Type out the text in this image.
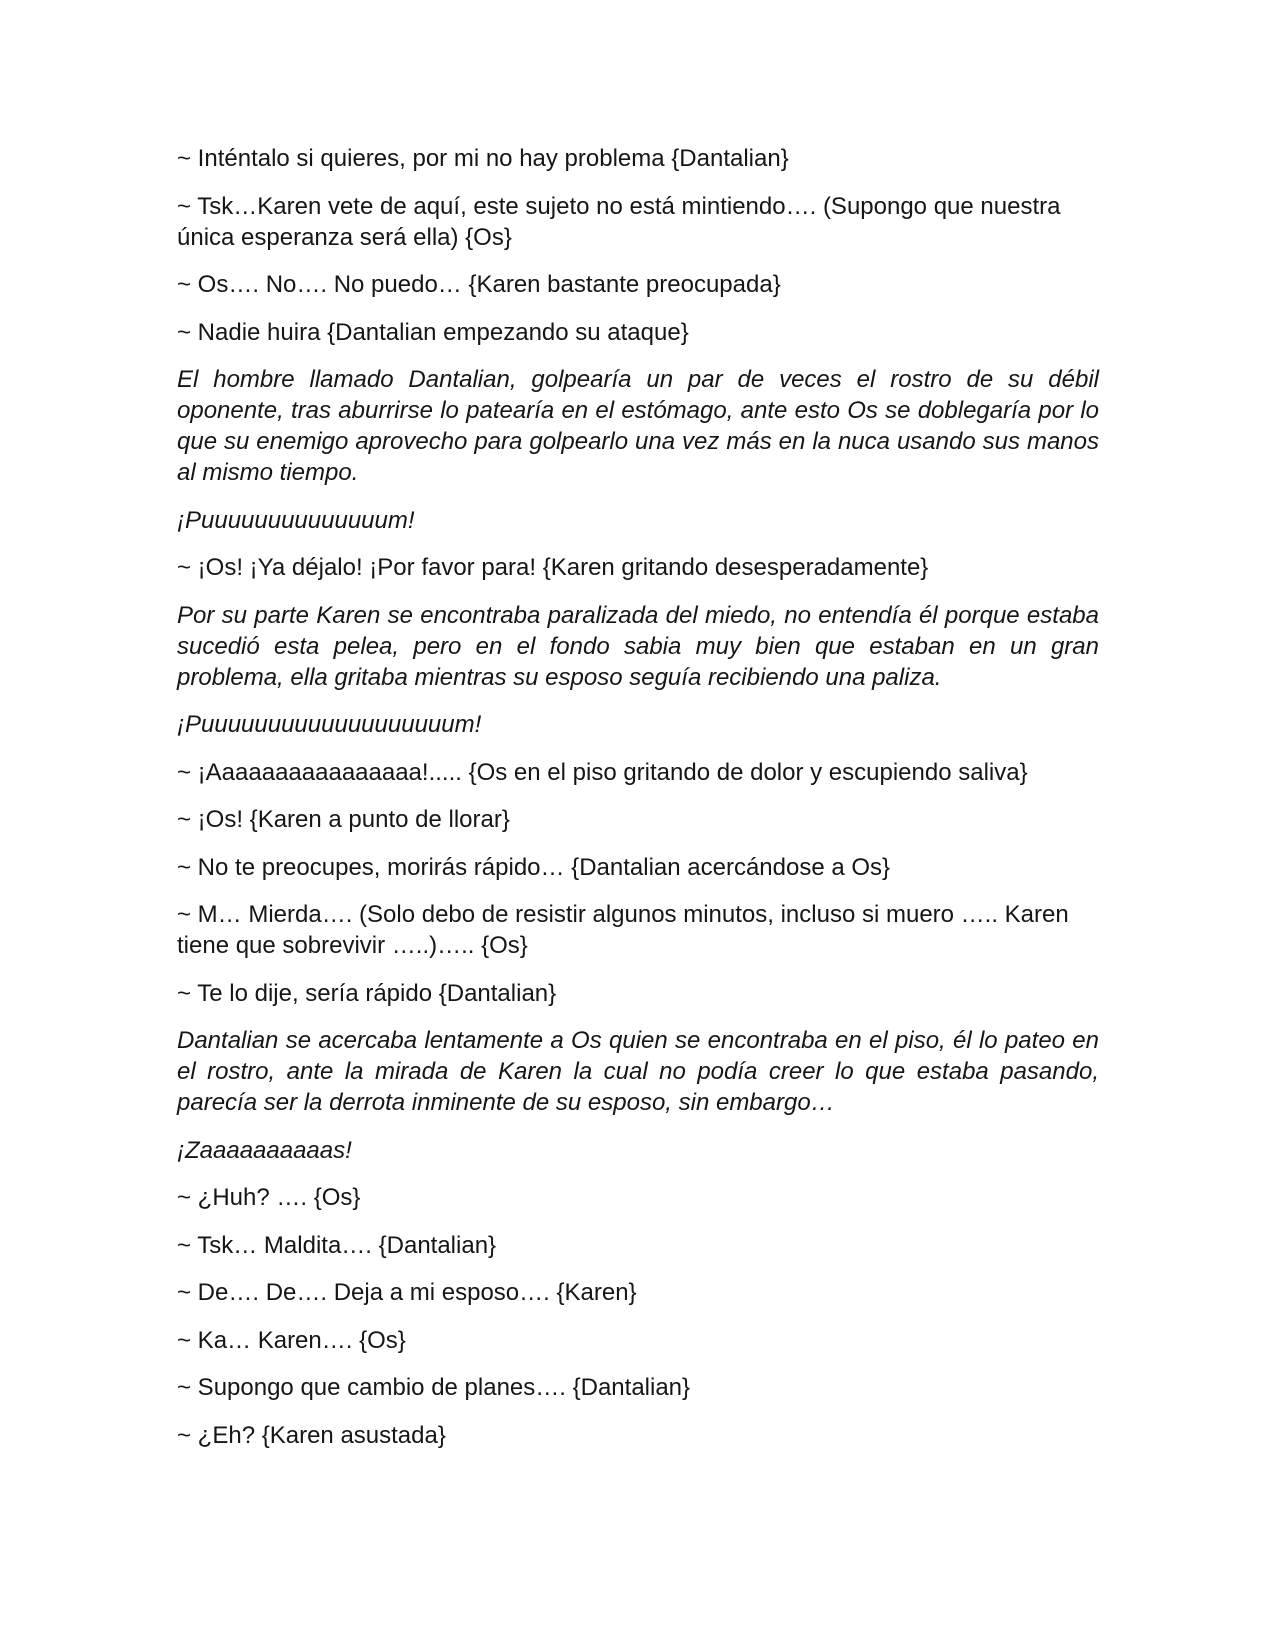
~ Inténtalo si quieres, por mi no hay problema {Dantalian}

~ Tsk…Karen vete de aquí, este sujeto no está mintiendo…. (Supongo que nuestra única esperanza será ella) {Os}

~ Os…. No…. No puedo… {Karen bastante preocupada}

~ Nadie huira {Dantalian empezando su ataque}

El hombre llamado Dantalian, golpearía un par de veces el rostro de su débil oponente, tras aburrirse lo patearía en el estómago, ante esto Os se doblegaría por lo que su enemigo aprovecho para golpearlo una vez más en la nuca usando sus manos al mismo tiempo.

¡Puuuuuuuuuuuuuum!

~ ¡Os! ¡Ya déjalo! ¡Por favor para! {Karen gritando desesperadamente}

Por su parte Karen se encontraba paralizada del miedo, no entendía él porque estaba sucedió esta pelea, pero en el fondo sabia muy bien que estaban en un gran problema, ella gritaba mientras su esposo seguía recibiendo una paliza.

¡Puuuuuuuuuuuuuuuuuuum!

~ ¡Aaaaaaaaaaaaaaaa!..... {Os en el piso gritando de dolor y escupiendo saliva}

~ ¡Os! {Karen a punto de llorar}

~ No te preocupes, morirás rápido… {Dantalian acercándose a Os}

~ M… Mierda…. (Solo debo de resistir algunos minutos, incluso si muero ….. Karen tiene que sobrevivir …..)….. {Os}

~ Te lo dije, sería rápido {Dantalian}

Dantalian se acercaba lentamente a Os quien se encontraba en el piso, él lo pateo en el rostro, ante la mirada de Karen la cual no podía creer lo que estaba pasando, parecía ser la derrota inminente de su esposo, sin embargo…

¡Zaaaaaaaaaas!

~ ¿Huh? …. {Os}

~ Tsk… Maldita…. {Dantalian}

~ De…. De…. Deja a mi esposo…. {Karen}

~ Ka… Karen…. {Os}

~ Supongo que cambio de planes…. {Dantalian}

~ ¿Eh? {Karen asustada}
